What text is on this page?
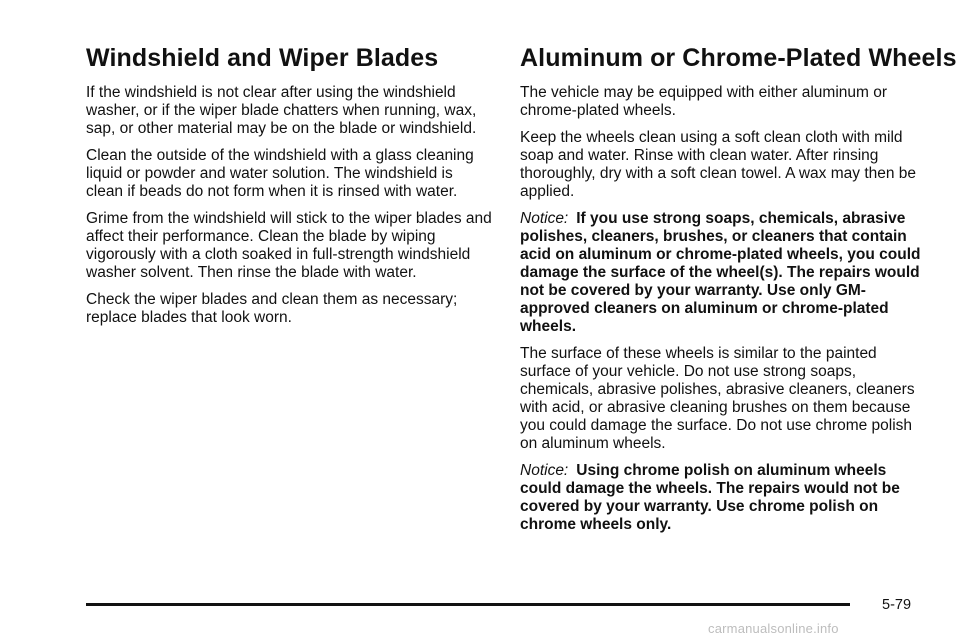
Windshield and Wiper Blades

If the windshield is not clear after using the windshield washer, or if the wiper blade chatters when running, wax, sap, or other material may be on the blade or windshield.

Clean the outside of the windshield with a glass cleaning liquid or powder and water solution. The windshield is clean if beads do not form when it is rinsed with water.

Grime from the windshield will stick to the wiper blades and affect their performance. Clean the blade by wiping vigorously with a cloth soaked in full-strength windshield washer solvent. Then rinse the blade with water.

Check the wiper blades and clean them as necessary; replace blades that look worn.

Aluminum or Chrome-Plated Wheels

The vehicle may be equipped with either aluminum or chrome-plated wheels.

Keep the wheels clean using a soft clean cloth with mild soap and water. Rinse with clean water. After rinsing thoroughly, dry with a soft clean towel. A wax may then be applied.

Notice: If you use strong soaps, chemicals, abrasive polishes, cleaners, brushes, or cleaners that contain acid on aluminum or chrome-plated wheels, you could damage the surface of the wheel(s). The repairs would not be covered by your warranty. Use only GM-approved cleaners on aluminum or chrome-plated wheels.

The surface of these wheels is similar to the painted surface of your vehicle. Do not use strong soaps, chemicals, abrasive polishes, abrasive cleaners, cleaners with acid, or abrasive cleaning brushes on them because you could damage the surface. Do not use chrome polish on aluminum wheels.

Notice: Using chrome polish on aluminum wheels could damage the wheels. The repairs would not be covered by your warranty. Use chrome polish on chrome wheels only.

5-79
carmanualsonline.info
